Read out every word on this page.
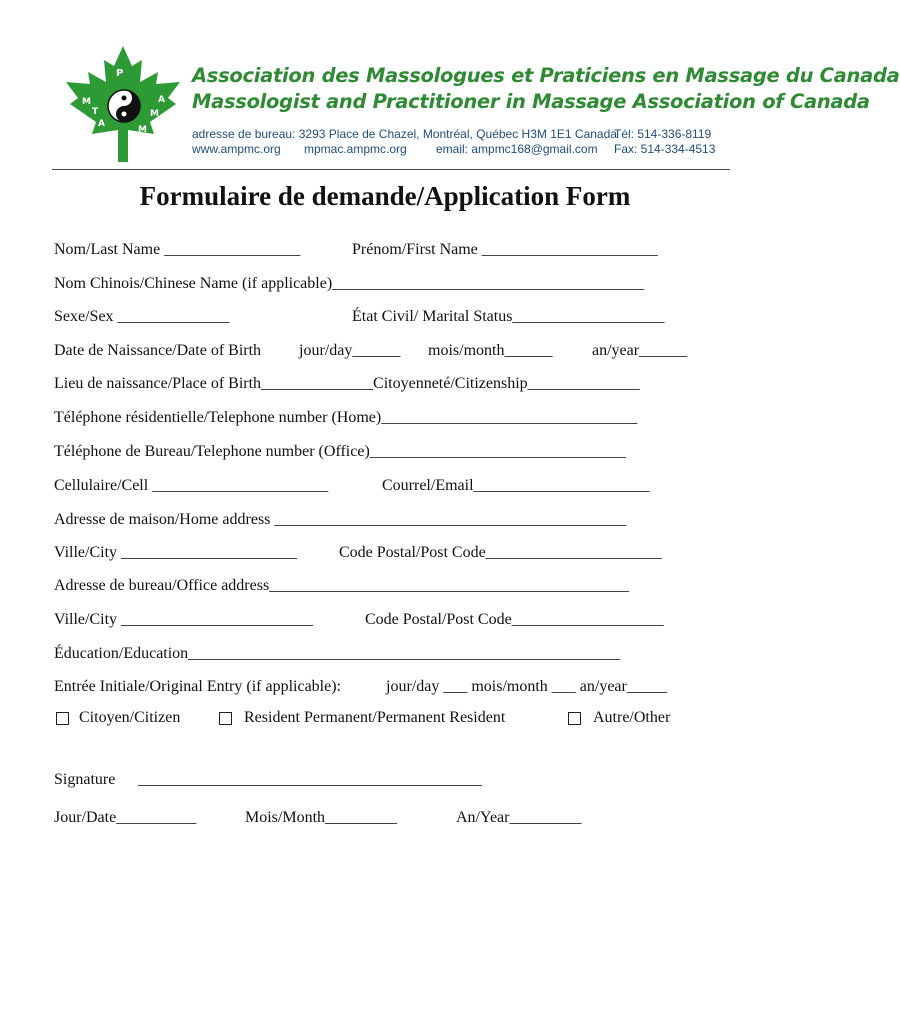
M
T
A
C
A
M
M
P	Association des Massologues et Praticiens en Massage du Canada
Massologist and Practitioner in Massage Association of Canada
adresse de bureau: 3293 Place de Chazel, Montréal, Québec H3M 1E1 Canada
Tél: 514-336-8119
www.ampmc.org mpmac.ampmc.org email: ampmc168@gmail.com Fax: 514-334-4513
Formulaire de demande/Application Form
Nom/Last Name _________________	Prénom/First Name ______________________
Nom Chinois/Chinese Name (if applicable)_______________________________________
Sexe/Sex ______________	État Civil/ Marital Status___________________
Date de Naissance/Date of Birth jour/day______ mois/month______ an/year______
Lieu de naissance/Place of Birth______________Citoyenneté/Citizenship______________
Téléphone résidentielle/Telephone number (Home)________________________________
Téléphone de Bureau/Telephone number (Office)________________________________
Cellulaire/Cell ______________________	Courrel/Email______________________
Adresse de maison/Home address ____________________________________________
Ville/City ______________________	Code Postal/Post Code______________________
Adresse de bureau/Office address_____________________________________________
Ville/City ________________________	Code Postal/Post Code___________________
Éducation/Education______________________________________________________
Entrée Initiale/Original Entry (if applicable):	jour/day ___ mois/month ___ an/year_____
Citoyen/Citizen	Resident Permanent/Permanent Resident	Autre/Other
Signature ___________________________________________
Jour/Date__________	Mois/Month_________	An/Year_________
